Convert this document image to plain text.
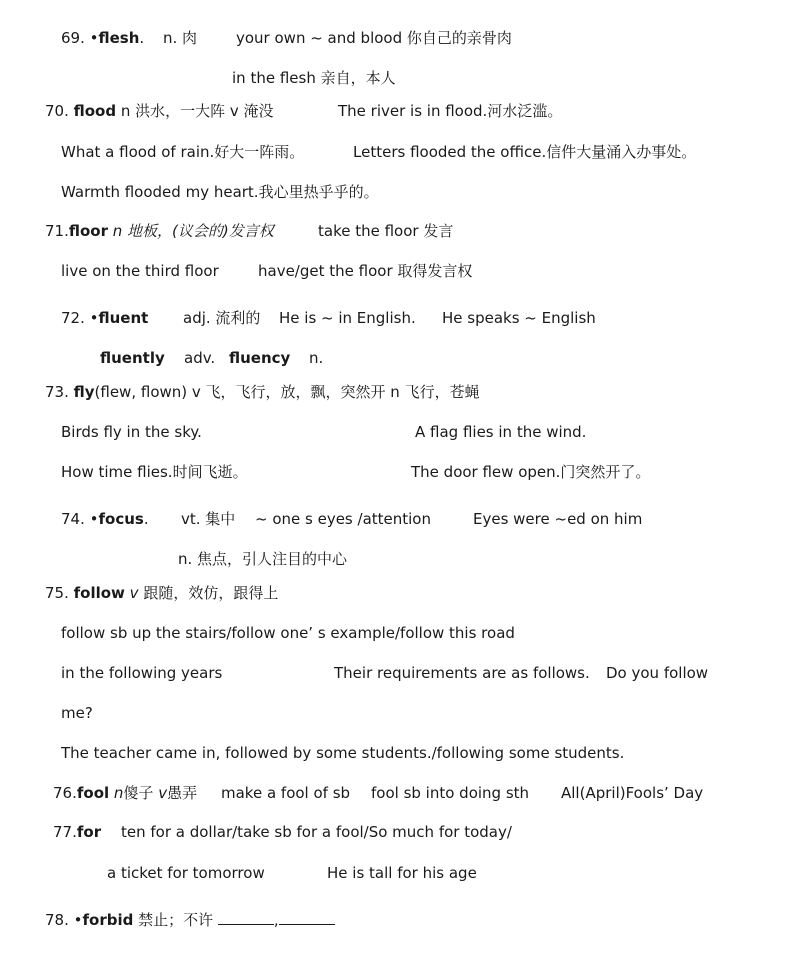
69. •flesh. n. 肉	your own ~ and blood 你自己的亲骨肉
in the flesh 亲自，本人
70. flood n 洪水，一大阵 v 淹没	The river is in flood.河水泛滥。
What a flood of rain.好大一阵雨。	Letters flooded the office.信件大量涌入办事处。
Warmth flooded my heart.我心里热乎乎的。
71.floor n 地板，(议会的)发言权	take the floor 发言
live on the third floor	have/get the floor 取得发言权
72. •fluent adj. 流利的 He is ~ in English. He speaks ~ English
fluently adv. fluency n.
73. fly(flew, flown) v 飞，飞行，放，飘，突然开 n 飞行，苍蝇
Birds fly in the sky.	A flag flies in the wind.
How time flies.时间飞逝。	The door flew open.门突然开了。
74. •focus. vt. 集中 ~ one s eyes /attention	Eyes were ~ed on him
n. 焦点，引人注目的中心
75. follow v 跟随，效仿，跟得上
follow sb up the stairs/follow one’ s example/follow this road
in the following years	Their requirements are as follows. Do you follow
me?
The teacher came in, followed by some students./following some students.
76.fool n傻子 v愚弄 make a fool of sb fool sb into doing sth All(April)Fools’ Day
77.for ten for a dollar/take sb for a fool/So much for today/
a ticket for tomorrow	He is tall for his age
78. •forbid 禁止；不许	,
